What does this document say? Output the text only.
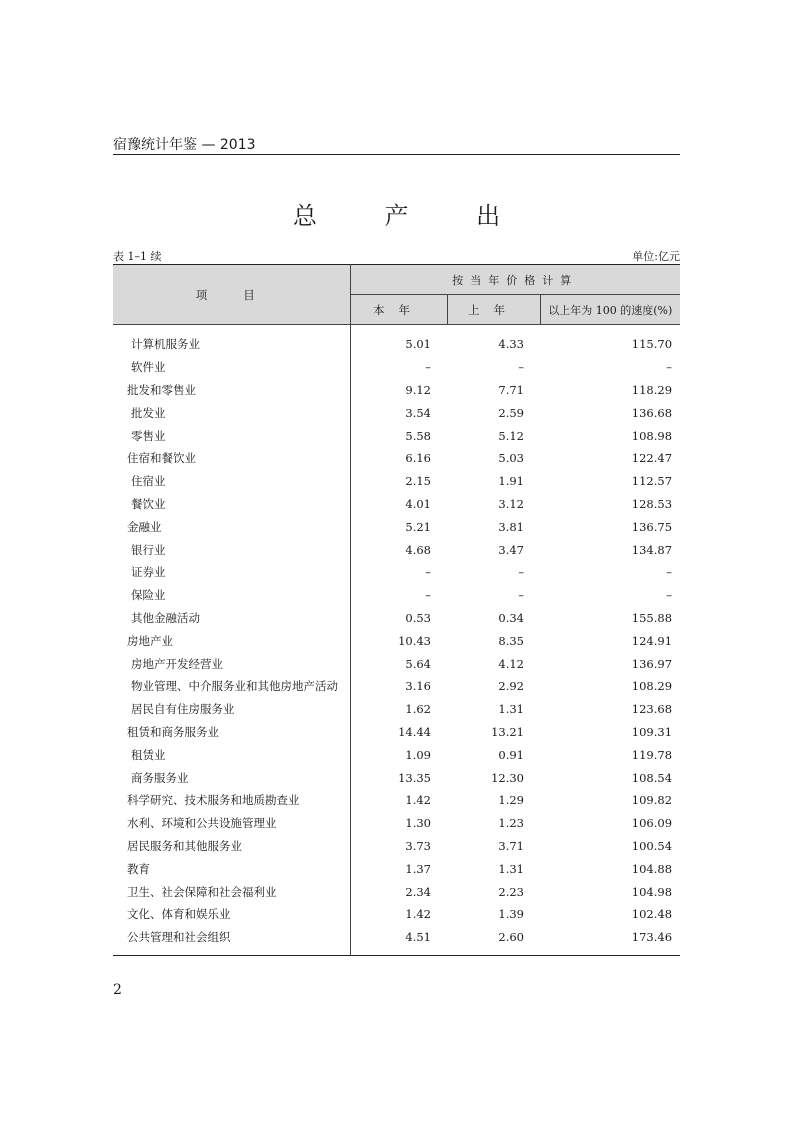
宿豫统计年鉴 — 2013
总 产 出
表 1–1 续	单位:亿元
项目	按当年价格计算		
	本年	上年	以上年为 100 的速度(%)
计算机服务业	5.01	4.33	115.70
软件业	–	–	–
批发和零售业	9.12	7.71	118.29
批发业	3.54	2.59	136.68
零售业	5.58	5.12	108.98
住宿和餐饮业	6.16	5.03	122.47
住宿业	2.15	1.91	112.57
餐饮业	4.01	3.12	128.53
金融业	5.21	3.81	136.75
银行业	4.68	3.47	134.87
证券业	–	–	–
保险业	–	–	–
其他金融活动	0.53	0.34	155.88
房地产业	10.43	8.35	124.91
房地产开发经营业	5.64	4.12	136.97
物业管理、中介服务业和其他房地产活动	3.16	2.92	108.29
居民自有住房服务业	1.62	1.31	123.68
租赁和商务服务业	14.44	13.21	109.31
租赁业	1.09	0.91	119.78
商务服务业	13.35	12.30	108.54
科学研究、技术服务和地质勘查业	1.42	1.29	109.82
水利、环境和公共设施管理业	1.30	1.23	106.09
居民服务和其他服务业	3.73	3.71	100.54
教育	1.37	1.31	104.88
卫生、社会保障和社会福利业	2.34	2.23	104.98
文化、体育和娱乐业	1.42	1.39	102.48
公共管理和社会组织	4.51	2.60	173.46
2
